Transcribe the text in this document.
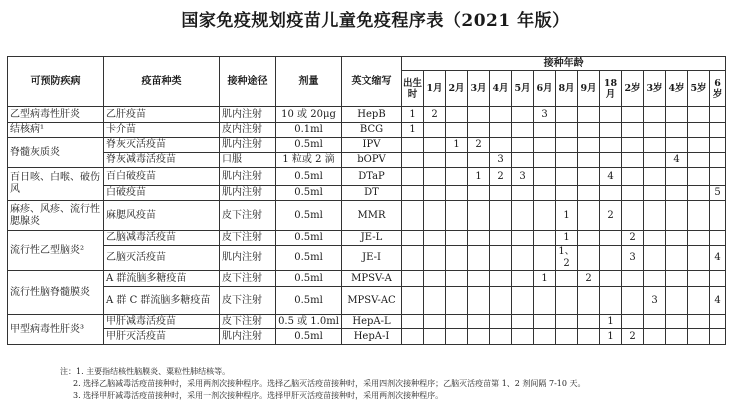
国家免疫规划疫苗儿童免疫程序表（2021 年版）
可预防疾病	疫苗种类	接种途径	剂量	英文缩写	接种年龄														
					出生时	1月	2月	3月	4月	5月	6月	8月	9月	18月	2岁	3岁	4岁	5岁	6岁
乙型病毒性肝炎	乙肝疫苗	肌内注射	10 或 20μg	HepB	1	2					3								
结核病¹	卡介苗	皮内注射	0.1ml	BCG	1														
脊髓灰质炎	脊灰灭活疫苗	肌内注射	0.5ml	IPV			1	2											
	脊灰减毒活疫苗	口服	1 粒或 2 滴	bOPV					3								4		
百日咳、白喉、破伤风	百白破疫苗	肌内注射	0.5ml	DTaP				1	2	3				4					
	白破疫苗	肌内注射	0.5ml	DT															5
麻疹、风疹、流行性腮腺炎	麻腮风疫苗	皮下注射	0.5ml	MMR								1		2					
流行性乙型脑炎²	乙脑减毒活疫苗	皮下注射	0.5ml	JE-L								1			2				
	乙脑灭活疫苗	肌内注射	0.5ml	JE-I								1、2			3				4
流行性脑脊髓膜炎	A 群流脑多糖疫苗	皮下注射	0.5ml	MPSV-A							1		2						
	A 群 C 群流脑多糖疫苗	皮下注射	0.5ml	MPSV-AC												3			4
甲型病毒性肝炎³	甲肝减毒活疫苗	皮下注射	0.5 或 1.0ml	HepA-L										1					
	甲肝灭活疫苗	肌内注射	0.5ml	HepA-I										1	2				
注：1. 主要指结核性脑膜炎、粟粒性肺结核等。
2. 选择乙脑减毒活疫苗接种时，采用两剂次接种程序。选择乙脑灭活疫苗接种时，采用四剂次接种程序；乙脑灭活疫苗第 1、2 剂间隔 7-10 天。
3. 选择甲肝减毒活疫苗接种时，采用一剂次接种程序。选择甲肝灭活疫苗接种时，采用两剂次接种程序。
